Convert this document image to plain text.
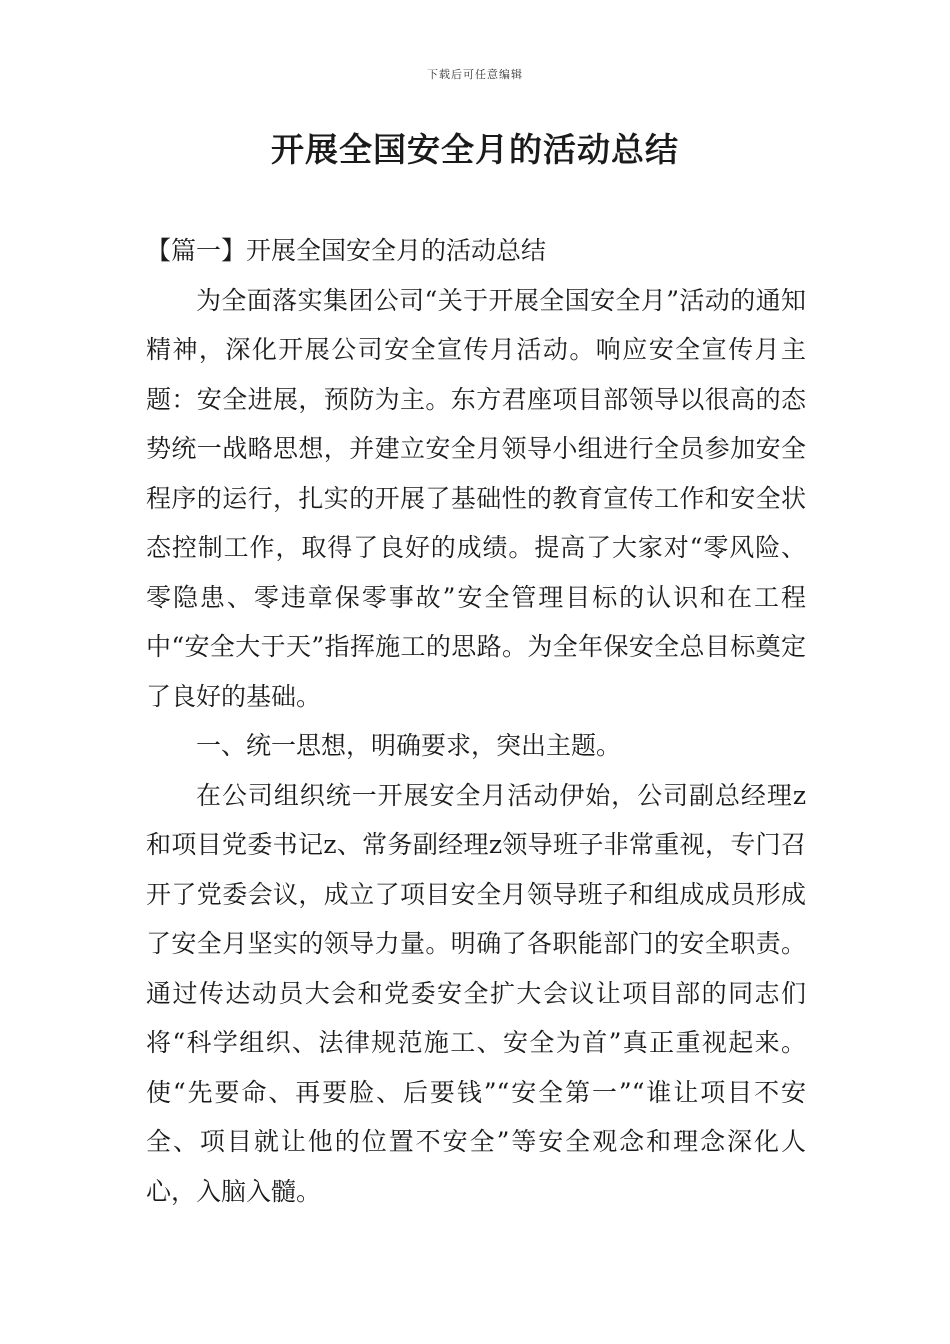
下载后可任意编辑
开展全国安全月的活动总结

【篇一】开展全国安全月的活动总结

为全面落实集团公司“关于开展全国安全月”活动的通知精神，深化开展公司安全宣传月活动。响应安全宣传月主题：安全进展，预防为主。东方君座项目部领导以很高的态势统一战略思想，并建立安全月领导小组进行全员参加安全程序的运行，扎实的开展了基础性的教育宣传工作和安全状态控制工作，取得了良好的成绩。提高了大家对“零风险、零隐患、零违章保零事故”安全管理目标的认识和在工程中“安全大于天”指挥施工的思路。为全年保安全总目标奠定了良好的基础。

一、统一思想，明确要求，突出主题。

在公司组织统一开展安全月活动伊始，公司副总经理z和项目党委书记z、常务副经理z领导班子非常重视，专门召开了党委会议，成立了项目安全月领导班子和组成成员形成了安全月坚实的领导力量。明确了各职能部门的安全职责。通过传达动员大会和党委安全扩大会议让项目部的同志们将“科学组织、法律规范施工、安全为首”真正重视起来。使“先要命、再要脸、后要钱”“安全第一”“谁让项目不安全、项目就让他的位置不安全”等安全观念和理念深化人心，入脑入髓。
